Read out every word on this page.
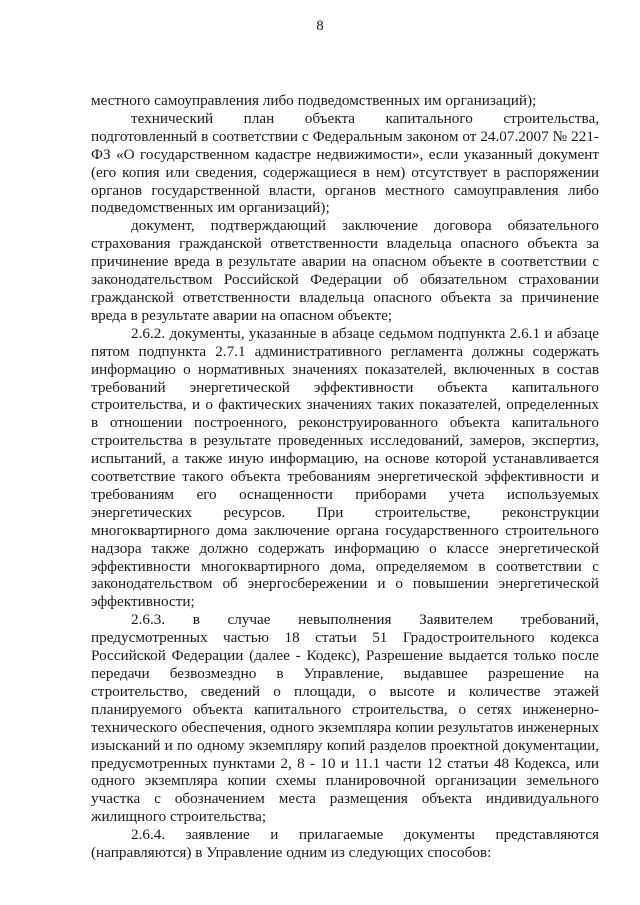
8

местного самоуправления либо подведомственных им организаций);

технический план объекта капитального строительства, подготовленный в соответствии с Федеральным законом от 24.07.2007 № 221-ФЗ «О государственном кадастре недвижимости», если указанный документ (его копия или сведения, содержащиеся в нем) отсутствует в распоряжении органов государственной власти, органов местного самоуправления либо подведомственных им организаций);

документ, подтверждающий заключение договора обязательного страхования гражданской ответственности владельца опасного объекта за причинение вреда в результате аварии на опасном объекте в соответствии с законодательством Российской Федерации об обязательном страховании гражданской ответственности владельца опасного объекта за причинение вреда в результате аварии на опасном объекте;

2.6.2. документы, указанные в абзаце седьмом подпункта 2.6.1 и абзаце пятом подпункта 2.7.1 административного регламента должны содержать информацию о нормативных значениях показателей, включенных в состав требований энергетической эффективности объекта капитального строительства, и о фактических значениях таких показателей, определенных в отношении построенного, реконструированного объекта капитального строительства в результате проведенных исследований, замеров, экспертиз, испытаний, а также иную информацию, на основе которой устанавливается соответствие такого объекта требованиям энергетической эффективности и требованиям его оснащенности приборами учета используемых энергетических ресурсов. При строительстве, реконструкции многоквартирного дома заключение органа государственного строительного надзора также должно содержать информацию о классе энергетической эффективности многоквартирного дома, определяемом в соответствии с законодательством об энергосбережении и о повышении энергетической эффективности;

2.6.3. в случае невыполнения Заявителем требований, предусмотренных частью 18 статьи 51 Градостроительного кодекса Российской Федерации (далее - Кодекс), Разрешение выдается только после передачи безвозмездно в Управление, выдавшее разрешение на строительство, сведений о площади, о высоте и количестве этажей планируемого объекта капитального строительства, о сетях инженерно-технического обеспечения, одного экземпляра копии результатов инженерных изысканий и по одному экземпляру копий разделов проектной документации, предусмотренных пунктами 2, 8 - 10 и 11.1 части 12 статьи 48 Кодекса, или одного экземпляра копии схемы планировочной организации земельного участка с обозначением места размещения объекта индивидуального жилищного строительства;

2.6.4. заявление и прилагаемые документы представляются (направляются) в Управление одним из следующих способов:
